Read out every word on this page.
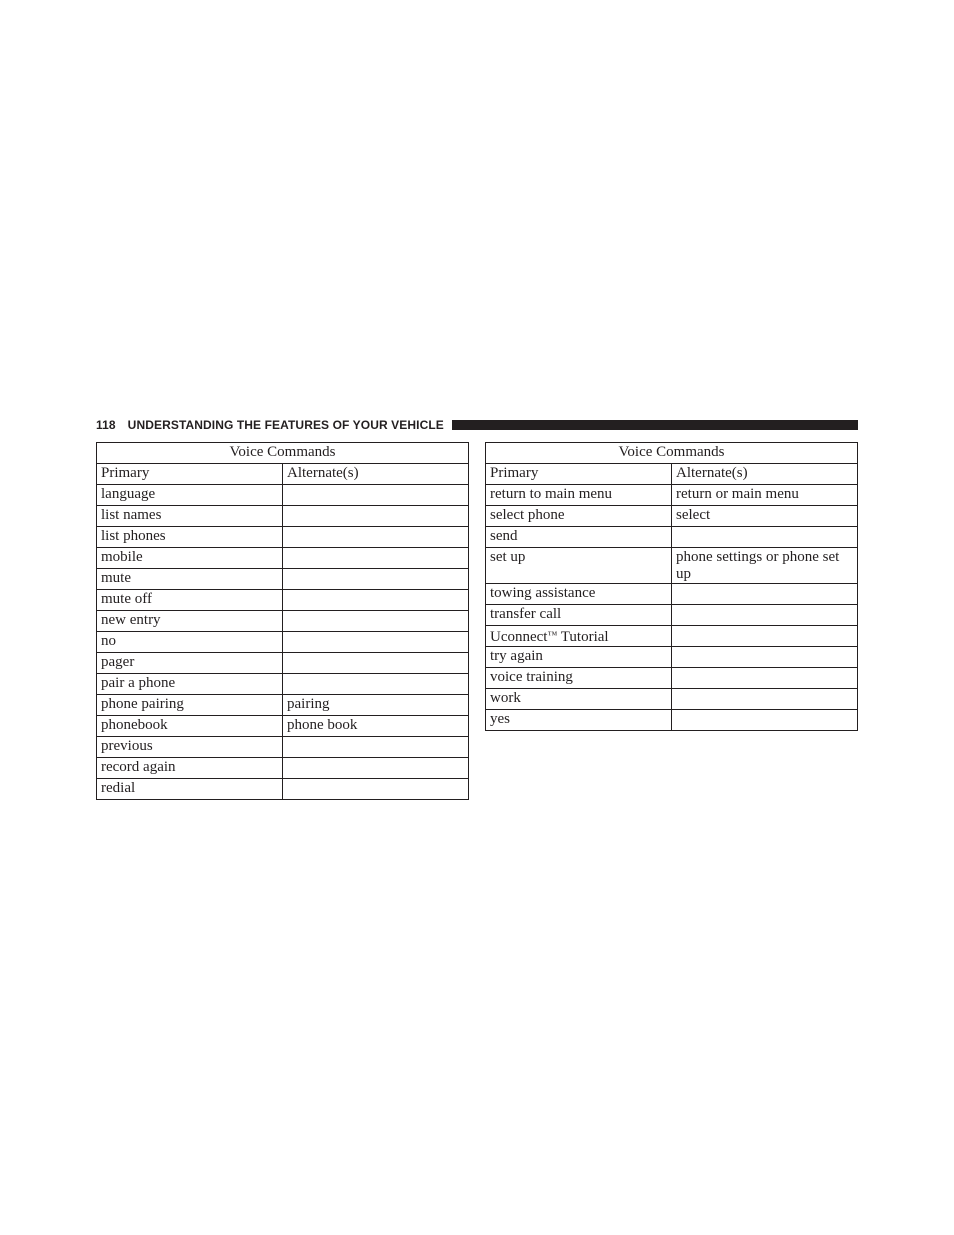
118 UNDERSTANDING THE FEATURES OF YOUR VEHICLE
Voice Commands	
Primary	Alternate(s)
language	
list names	
list phones	
mobile	
mute	
mute off	
new entry	
no	
pager	
pair a phone	
phone pairing	pairing
phonebook	phone book
previous	
record again	
redial	
Voice Commands	
Primary	Alternate(s)
return to main menu	return or main menu
select phone	select
send	
set up	phone settings or phone set up
towing assistance	
transfer call	
Uconnect™ Tutorial	
try again	
voice training	
work	
yes	
